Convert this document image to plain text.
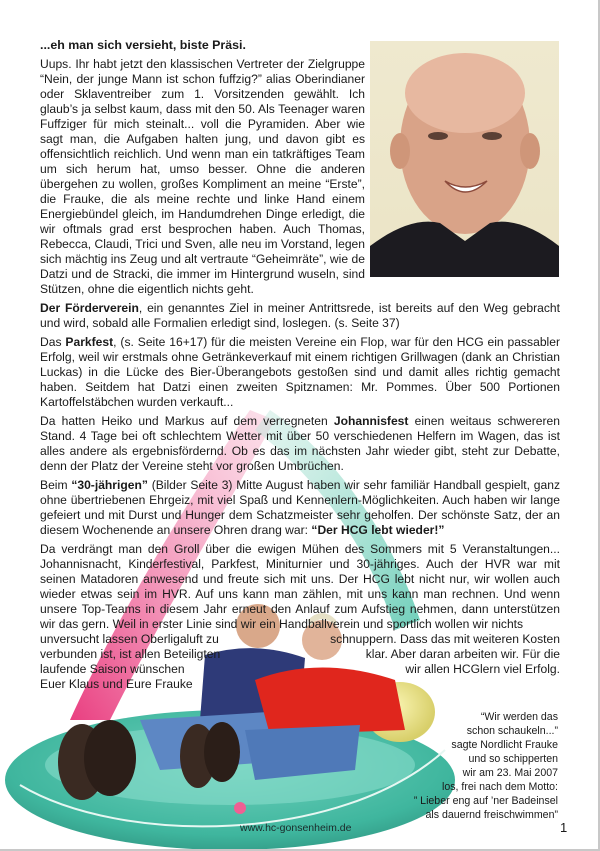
...eh man sich versieht, biste Präsi.

Uups. Ihr habt jetzt den klassischen Vertreter der Zielgruppe “Nein, der junge Mann ist schon fuffzig?” alias Oberindianer oder Sklaventreiber zum 1. Vorsitzenden gewählt. Ich glaub’s ja selbst kaum, dass mit den 50. Als Teenager waren Fuffziger für mich steinalt... voll die Pyramiden. Aber wie sagt man, die Aufgaben halten jung, und davon gibt es offensichtlich reichlich. Und wenn man ein tatkräftiges Team um sich herum hat, umso besser. Ohne die anderen übergehen zu wollen, großes Kompliment an meine “Erste”, die Frauke, die als meine rechte und linke Hand einem Energiebündel gleich, im Handumdrehen Dinge erledigt, die wir oftmals grad erst besprochen haben. Auch Thomas, Rebecca, Claudi, Trici und Sven, alle neu im Vorstand, legen sich mächtig ins Zeug und alt vertraute “Geheimräte”, wie de Datzi und de Stracki, die immer im Hintergrund wuseln, sind Stützen, ohne die eigentlich nichts geht.

Der Förderverein, ein genanntes Ziel in meiner Antrittsrede, ist bereits auf den Weg gebracht und wird, sobald alle Formalien erledigt sind, loslegen. (s. Seite 37)

Das Parkfest, (s. Seite 16+17) für die meisten Vereine ein Flop, war für den HCG ein passabler Erfolg, weil wir erstmals ohne Getränkeverkauf mit einem richtigen Grillwagen (dank an Christian Luckas) in die Lücke des Bier-Überangebots gestoßen sind und damit alles richtig gemacht haben. Seitdem hat Datzi einen zweiten Spitznamen: Mr. Pommes. Über 500 Portionen Kartoffelstäbchen wurden verkauft...

Da hatten Heiko und Markus auf dem verregneten Johannisfest einen weitaus schwereren Stand. 4 Tage bei oft schlechtem Wetter mit über 50 verschiedenen Helfern im Wagen, das ist alles andere als ergebnisfördernd. Ob es das im nächsten Jahr wieder gibt, steht zur Debatte, denn der Platz der Vereine steht vor großen Umbrüchen.

Beim “30-jährigen” (Bilder Seite 3) Mitte August haben wir sehr familiär Handball gespielt, ganz ohne übertriebenen Ehrgeiz, mit viel Spaß und Kennenlern-Möglichkeiten. Auch haben wir lange gefeiert und mit Durst und Hunger dem Schatzmeister sehr geholfen. Der schönste Satz, der an diesem Wochenende an unsere Ohren drang war: “Der HCG lebt wieder!”

Da verdrängt man den Groll über die ewigen Mühen des Sommers mit 5 Veranstaltungen... Johannisnacht, Kinderfestival, Parkfest, Miniturnier und 30-jähriges. Auch der HVR war mit seinen Matadoren anwesend und freute sich mit uns. Der HCG lebt nicht nur, wir wollen auch wieder etwas sein im HVR. Auf uns kann man zählen, mit uns kann man rechnen. Und wenn unsere Top-Teams in diesem Jahr erneut den Anlauf zum Aufstieg nehmen, dann unterstützen wir das gern. Weil in erster Linie sind wir ein Handballverein und sportlich wollen wir nichts

unversucht lassen Oberligaluft zu	schnuppern. Dass das mit weiteren Kosten
verbunden ist, ist allen Beteiligten	klar. Aber daran arbeiten wir. Für die
laufende Saison wünschen	wir allen HCGlern viel Erfolg.
Euer Klaus und Eure Frauke
“Wir werden das
schon schaukeln...”
sagte Nordlicht Frauke
und so schipperten
wir am 23. Mai 2007
los, frei nach dem Motto:
” Lieber eng auf ’ner Badeinsel
als dauernd freischwimmen”
www.hc-gonsenheim.de	1
